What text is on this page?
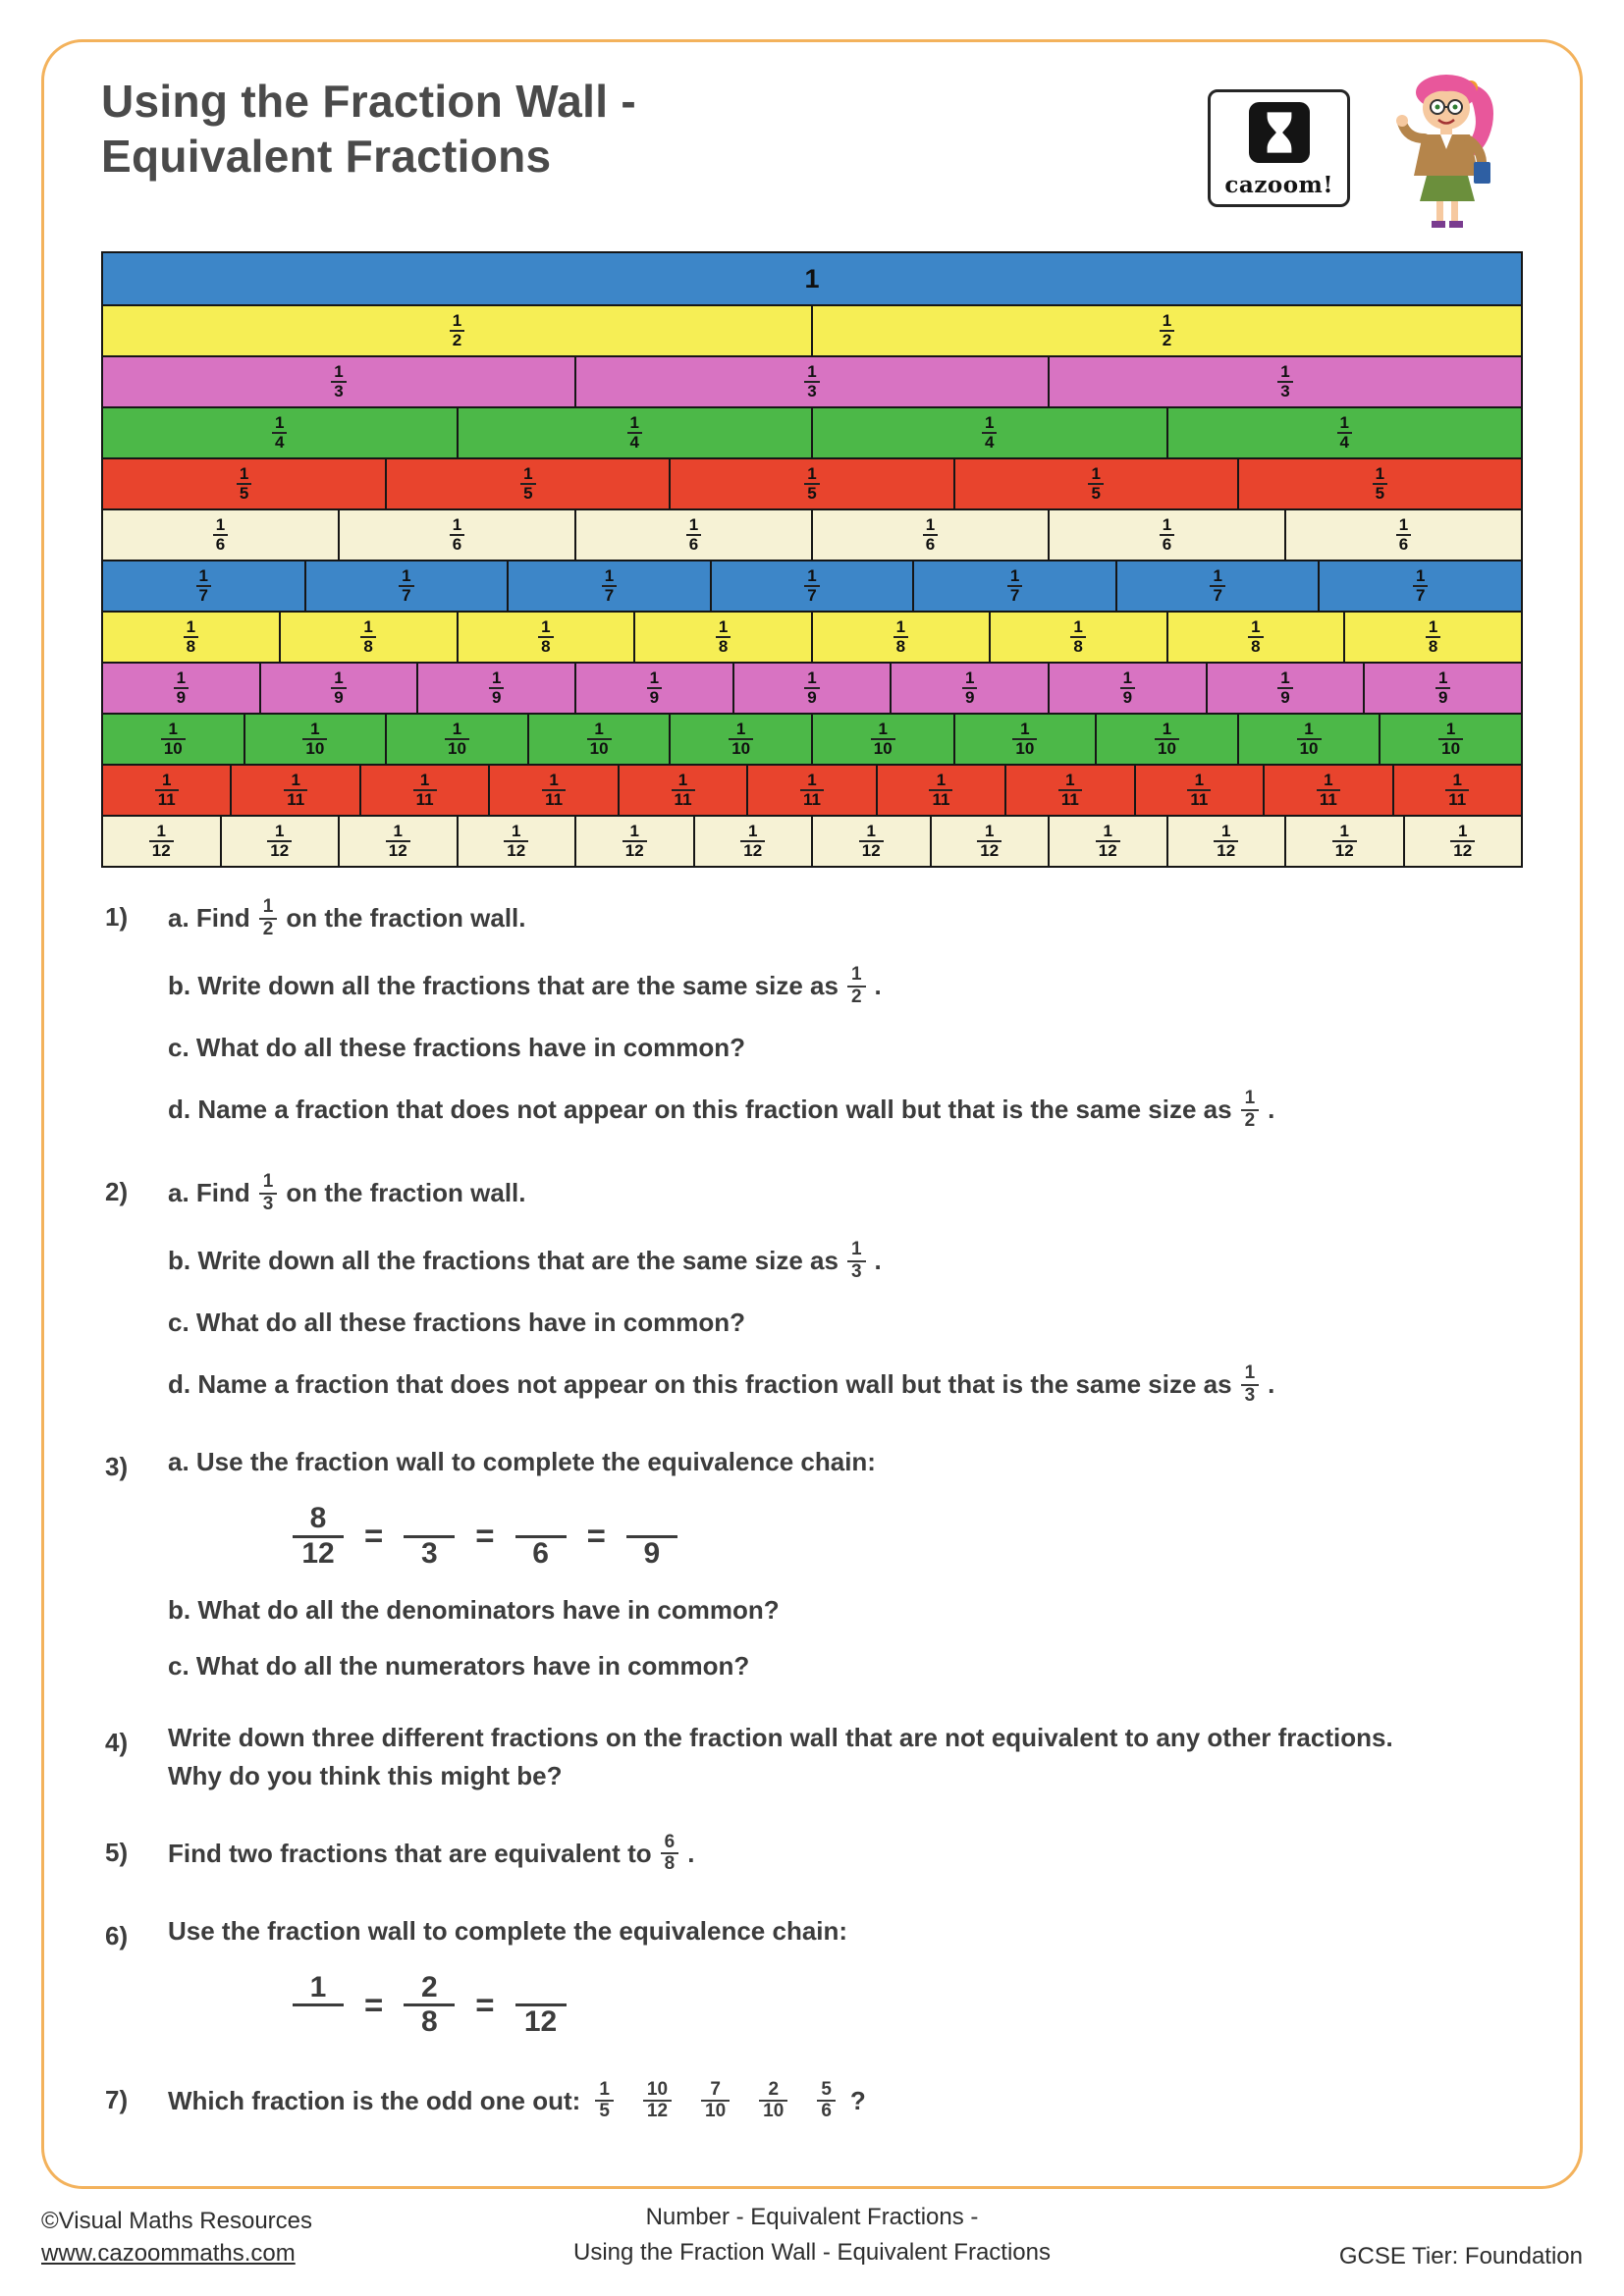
Using the Fraction Wall -
Equivalent Fractions
cazoom!
1
$\frac{1}{2}$	$\frac{1}{2}$
$\frac{1}{3}$	$\frac{1}{3}$	$\frac{1}{3}$
$\frac{1}{4}$	$\frac{1}{4}$	$\frac{1}{4}$	$\frac{1}{4}$
$\frac{1}{5}$	$\frac{1}{5}$	$\frac{1}{5}$	$\frac{1}{5}$	$\frac{1}{5}$
$\frac{1}{6}$	$\frac{1}{6}$	$\frac{1}{6}$	$\frac{1}{6}$	$\frac{1}{6}$	$\frac{1}{6}$
$\frac{1}{7}$	$\frac{1}{7}$	$\frac{1}{7}$	$\frac{1}{7}$	$\frac{1}{7}$	$\frac{1}{7}$	$\frac{1}{7}$
$\frac{1}{8}$	$\frac{1}{8}$	$\frac{1}{8}$	$\frac{1}{8}$	$\frac{1}{8}$	$\frac{1}{8}$	$\frac{1}{8}$	$\frac{1}{8}$
$\frac{1}{9}$	$\frac{1}{9}$	$\frac{1}{9}$	$\frac{1}{9}$	$\frac{1}{9}$	$\frac{1}{9}$	$\frac{1}{9}$	$\frac{1}{9}$	$\frac{1}{9}$
$\frac{1}{10}$	$\frac{1}{10}$	$\frac{1}{10}$	$\frac{1}{10}$	$\frac{1}{10}$	$\frac{1}{10}$	$\frac{1}{10}$	$\frac{1}{10}$	$\frac{1}{10}$	$\frac{1}{10}$
$\frac{1}{11}$	$\frac{1}{11}$	$\frac{1}{11}$	$\frac{1}{11}$	$\frac{1}{11}$	$\frac{1}{11}$	$\frac{1}{11}$	$\frac{1}{11}$	$\frac{1}{11}$	$\frac{1}{11}$	$\frac{1}{11}$
$\frac{1}{12}$	$\frac{1}{12}$	$\frac{1}{12}$	$\frac{1}{12}$	$\frac{1}{12}$	$\frac{1}{12}$	$\frac{1}{12}$	$\frac{1}{12}$	$\frac{1}{12}$	$\frac{1}{12}$	$\frac{1}{12}$	$\frac{1}{12}$
1)	a. Find $\frac{1}{2}$ on the fraction wall.
b. Write down all the fractions that are the same size as $\frac{1}{2}$ .
c. What do all these fractions have in common?
d. Name a fraction that does not appear on this fraction wall but that is the same size as $\frac{1}{2}$ .
2)	a. Find $\frac{1}{3}$ on the fraction wall.
b. Write down all the fractions that are the same size as $\frac{1}{3}$ .
c. What do all these fractions have in common?
d. Name a fraction that does not appear on this fraction wall but that is the same size as $\frac{1}{3}$ .
3)	a. Use the fraction wall to complete the equivalence chain:
$\frac{8}{12}$ =
	3	=
	6	=
	9
b. What do all the denominators have in common?
c. What do all the numerators have in common?
4)	Write down three different fractions on the fraction wall that are not equivalent to any other fractions.
Why do you think this might be?
5)	Find two fractions that are equivalent to $\frac{6}{8}$ .
6)	Use the fraction wall to complete the equivalence chain:
1
	= $\frac{2}{8}$ =
	12
7)	Which fraction is the odd one out: $\frac{1}{5} \frac{10}{12} \frac{7}{10} \frac{2}{10} \frac{5}{6}$ ?
©Visual Maths Resources
www.cazoommaths.com
Number - Equivalent Fractions -
Using the Fraction Wall - Equivalent Fractions	GCSE Tier: Foundation
